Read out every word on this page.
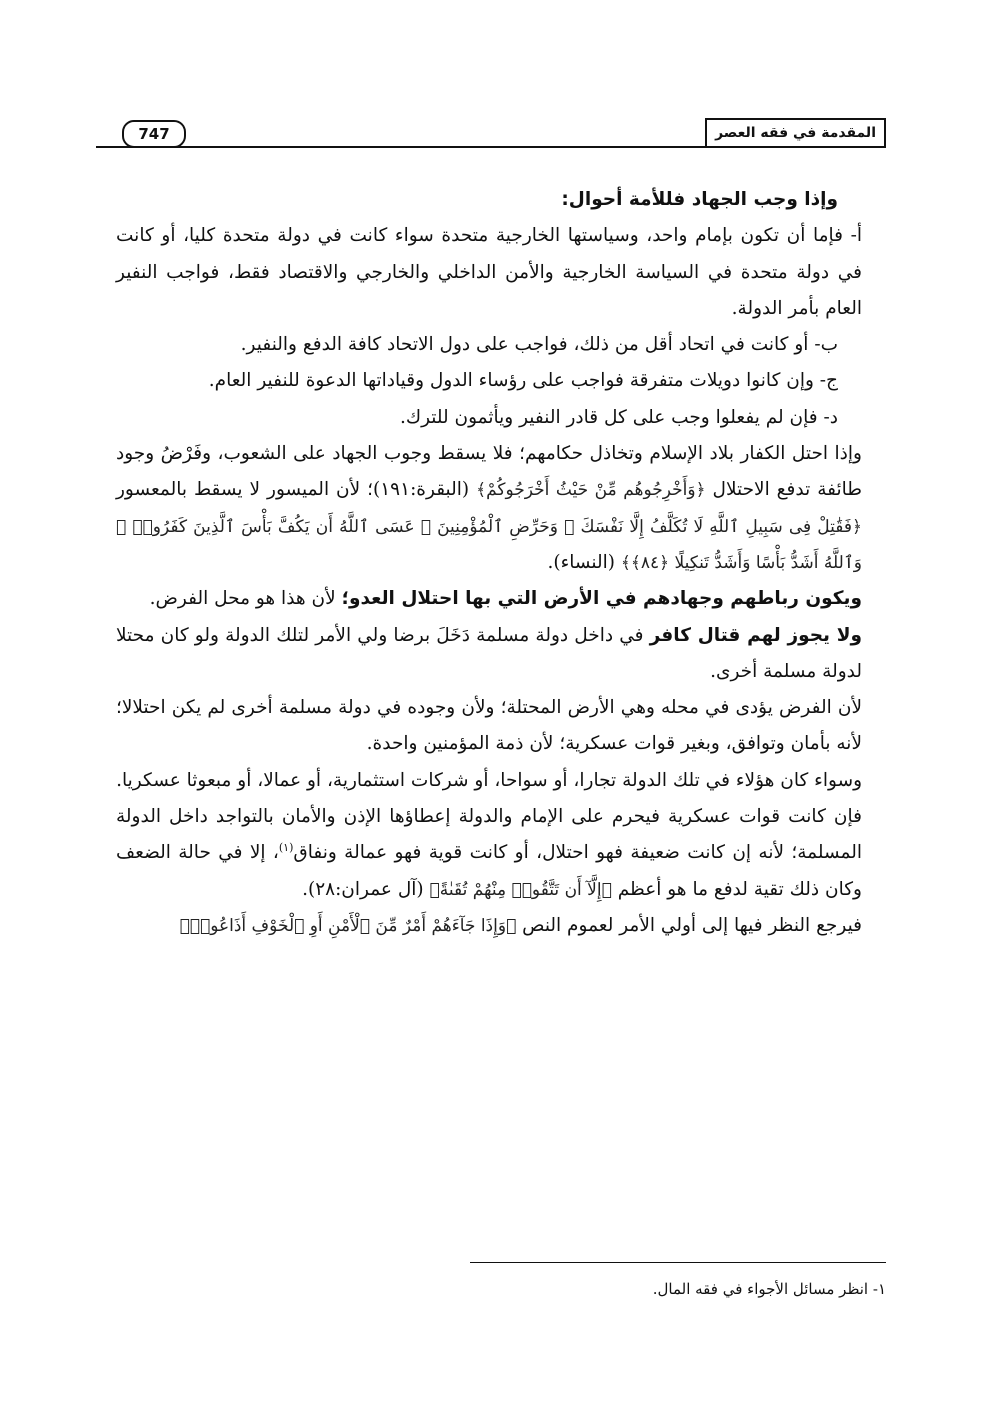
747	المقدمة في فقه العصر

وإذا وجب الجهاد فللأمة أحوال:

أ- فإما أن تكون بإمام واحد، وسياستها الخارجية متحدة سواء كانت في دولة متحدة كليا، أو كانت في دولة متحدة في السياسة الخارجية والأمن الداخلي والخارجي والاقتصاد فقط، فواجب النفير العام بأمر الدولة.

ب- أو كانت في اتحاد أقل من ذلك، فواجب على دول الاتحاد كافة الدفع والنفير.

ج- وإن كانوا دويلات متفرقة فواجب على رؤساء الدول وقياداتها الدعوة للنفير العام.

د- فإن لم يفعلوا وجب على كل قادر النفير ويأثمون للترك.

وإذا احتل الكفار بلاد الإسلام وتخاذل حكامهم؛ فلا يسقط وجوب الجهاد على الشعوب، وفَرْضُ وجود طائفة تدفع الاحتلال ﴿وَأَخْرِجُوهُم مِّنْ حَيْثُ أَخْرَجُوكُمْ﴾ (البقرة:١٩١)؛ لأن الميسور لا يسقط بالمعسور ﴿فَقَٰتِلْ فِى سَبِيلِ ٱللَّهِ لَا تُكَلَّفُ إِلَّا نَفْسَكَ ۚ وَحَرِّضِ ٱلْمُؤْمِنِينَ ۖ عَسَى ٱللَّهُ أَن يَكُفَّ بَأْسَ ٱلَّذِينَ كَفَرُوا۟ ۚ وَٱللَّهُ أَشَدُّ بَأْسًا وَأَشَدُّ تَنكِيلًا ﴿٨٤﴾﴾ (النساء).

ويكون رباطهم وجهادهم في الأرض التي بها احتلال العدو؛ لأن هذا هو محل الفرض.

ولا يجوز لهم قتال كافر في داخل دولة مسلمة دَخَلَ برضا ولي الأمر لتلك الدولة ولو كان محتلا لدولة مسلمة أخرى.

لأن الفرض يؤدى في محله وهي الأرض المحتلة؛ ولأن وجوده في دولة مسلمة أخرى لم يكن احتلالا؛ لأنه بأمان وتوافق، وبغير قوات عسكرية؛ لأن ذمة المؤمنين واحدة.

وسواء كان هؤلاء في تلك الدولة تجارا، أو سواحا، أو شركات استثمارية، أو عمالا، أو مبعوثا عسكريا.

فإن كانت قوات عسكرية فيحرم على الإمام والدولة إعطاؤها الإذن والأمان بالتواجد داخل الدولة المسلمة؛ لأنه إن كانت ضعيفة فهو احتلال، أو كانت قوية فهو عمالة ونفاق$^{(١)}$، إلا في حالة الضعف وكان ذلك تقية لدفع ما هو أعظم ﴿إِلَّآ أَن تَتَّقُوا۟ مِنْهُمْ تُقَىٰةً﴾ (آل عمران:٢٨).

فيرجع النظر فيها إلى أولي الأمر لعموم النص ﴿وَإِذَا جَآءَهُمْ أَمْرٌ مِّنَ ٱلْأَمْنِ أَوِ ٱلْخَوْفِ أَذَاعُوا۟﴾

١- انظر مسائل الأجواء في فقه المال.
